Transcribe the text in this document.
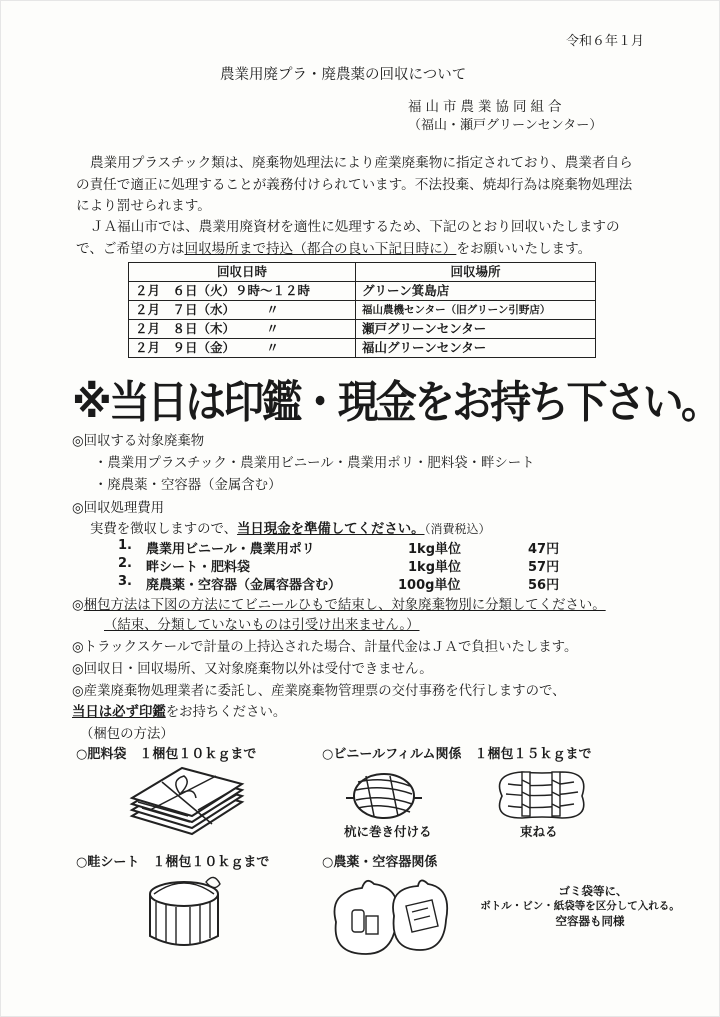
令和６年１月
農業用廃プラ・廃農薬の回収について
福山市農業協同組合
（福山・瀬戸グリーンセンター）
農業用プラスチック類は、廃棄物処理法により産業廃棄物に指定されており、農業者自らの責任で適正に処理することが義務付けられています。不法投棄、焼却行為は廃棄物処理法により罰せられます。
ＪＡ福山市では、農業用廃資材を適性に処理するため、下記のとおり回収いたしますので、ご希望の方は回収場所まで持込（都合の良い下記日時に）をお願いいたします。
回収日時	回収場所
２月　６日（火）９時～１２時	グリーン箕島店
２月　７日（水）　　　〃	福山農機センター（旧グリーン引野店）
２月　８日（木）　　　〃	瀬戸グリーンセンター
２月　９日（金）　　　〃	福山グリーンセンター
※当日は印鑑・現金をお持ち下さい。
◎回収する対象廃棄物
・農業用プラスチック・農業用ビニール・農業用ポリ・肥料袋・畔シート
・廃農薬・空容器（金属含む）
◎回収処理費用
実費を徴収しますので、当日現金を準備してください。（消費税込）
1. 農業用ビニール・農業用ポリ	1kg単位	47円
2. 畔シート・肥料袋	1kg単位	57円
3. 廃農薬・空容器（金属容器含む）	100g単位	56円
◎梱包方法は下図の方法にてビニールひもで結束し、対象廃棄物別に分類してください。
（結束、分類していないものは引受け出来ません。）
◎トラックスケールで計量の上持込された場合、計量代金はＪＡで負担いたします。
◎回収日・回収場所、又対象廃棄物以外は受付できません。
◎産業廃棄物処理業者に委託し、産業廃棄物管理票の交付事務を代行しますので、
当日は必ず印鑑をお持ちください。
（梱包の方法）
○肥料袋　１梱包１０ｋｇまで	○ビニールフィルム関係　１梱包１５ｋｇまで
杭に巻き付ける	束ねる
○畦シート　１梱包１０ｋｇまで	○農薬・空容器関係
ゴミ袋等に、
ボトル・ビン・紙袋等を区分して入れる。
空容器も同様
